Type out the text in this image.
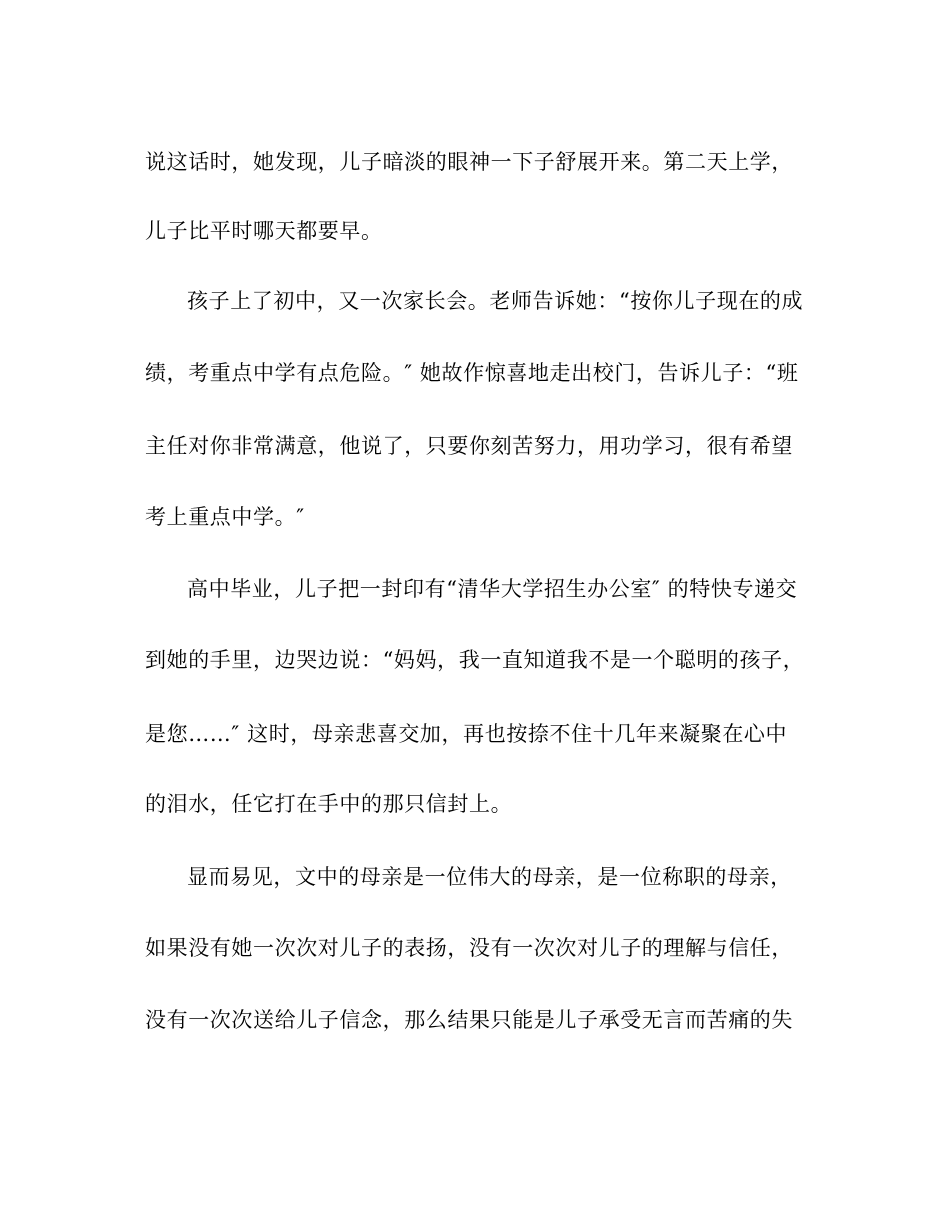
说这话时，她发现，儿子暗淡的眼神一下子舒展开来。第二天上学，
儿子比平时哪天都要早。
孩子上了初中，又一次家长会。老师告诉她：“按你儿子现在的成
绩，考重点中学有点危险。″ 她故作惊喜地走出校门，告诉儿子：“班
主任对你非常满意，他说了，只要你刻苦努力，用功学习，很有希望
考上重点中学。″
高中毕业，儿子把一封印有“清华大学招生办公室″ 的特快专递交
到她的手里，边哭边说：“妈妈，我一直知道我不是一个聪明的孩子，
是您……″ 这时，母亲悲喜交加，再也按捺不住十几年来凝聚在心中
的泪水，任它打在手中的那只信封上。
显而易见，文中的母亲是一位伟大的母亲，是一位称职的母亲，
如果没有她一次次对儿子的表扬，没有一次次对儿子的理解与信任，
没有一次次送给儿子信念，那么结果只能是儿子承受无言而苦痛的失
